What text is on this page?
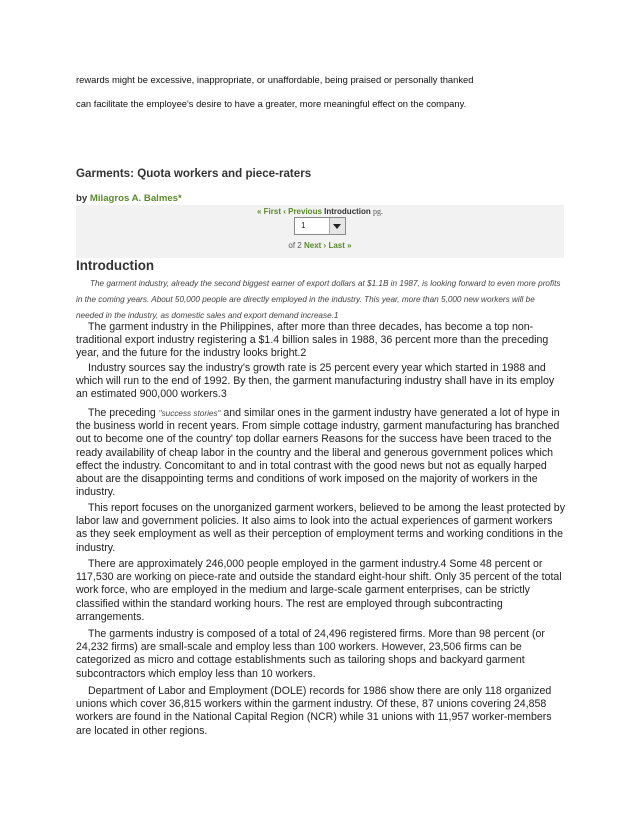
rewards might be excessive, inappropriate, or unaffordable, being praised or personally thanked
can facilitate the employee's desire to have a greater, more meaningful effect on the company.
Garments: Quota workers and piece-raters
by Milagros A. Balmes*
« First ‹ Previous Introduction pg.
1
of 2 Next › Last »
Introduction

The garment industry, already the second biggest earner of export dollars at $1.1B in 1987, is looking forward to even more profits in the coming years. About 50,000 people are directly employed in the industry. This year, more than 5,000 new workers will be needed in the industry, as domestic sales and export demand increase.1

The garment industry in the Philippines, after more than three decades, has become a top non-traditional export industry registering a $1.4 billion sales in 1988, 36 percent more than the preceding year, and the future for the industry looks bright.2

Industry sources say the industry's growth rate is 25 percent every year which started in 1988 and which will run to the end of 1992. By then, the garment manufacturing industry shall have in its employ an estimated 900,000 workers.3

The preceding "success stories" and similar ones in the garment industry have generated a lot of hype in the business world in recent years. From simple cottage industry, garment manufacturing has branched out to become one of the country' top dollar earners Reasons for the success have been traced to the ready availability of cheap labor in the country and the liberal and generous government polices which effect the industry. Concomitant to and in total contrast with the good news but not as equally harped about are the disappointing terms and conditions of work imposed on the majority of workers in the industry.

This report focuses on the unorganized garment workers, believed to be among the least protected by labor law and government policies. It also aims to look into the actual experiences of garment workers as they seek employment as well as their perception of employment terms and working conditions in the industry.

There are approximately 246,000 people employed in the garment industry.4 Some 48 percent or 117,530 are working on piece-rate and outside the standard eight-hour shift. Only 35 percent of the total work force, who are employed in the medium and large-scale garment enterprises, can be strictly classified within the standard working hours. The rest are employed through subcontracting arrangements.

The garments industry is composed of a total of 24,496 registered firms. More than 98 percent (or 24,232 firms) are small-scale and employ less than 100 workers. However, 23,506 firms can be categorized as micro and cottage establishments such as tailoring shops and backyard garment subcontractors which employ less than 10 workers.

Department of Labor and Employment (DOLE) records for 1986 show there are only 118 organized unions which cover 36,815 workers within the garment industry. Of these, 87 unions covering 24,858 workers are found in the National Capital Region (NCR) while 31 unions with 11,957 worker-members are located in other regions.
